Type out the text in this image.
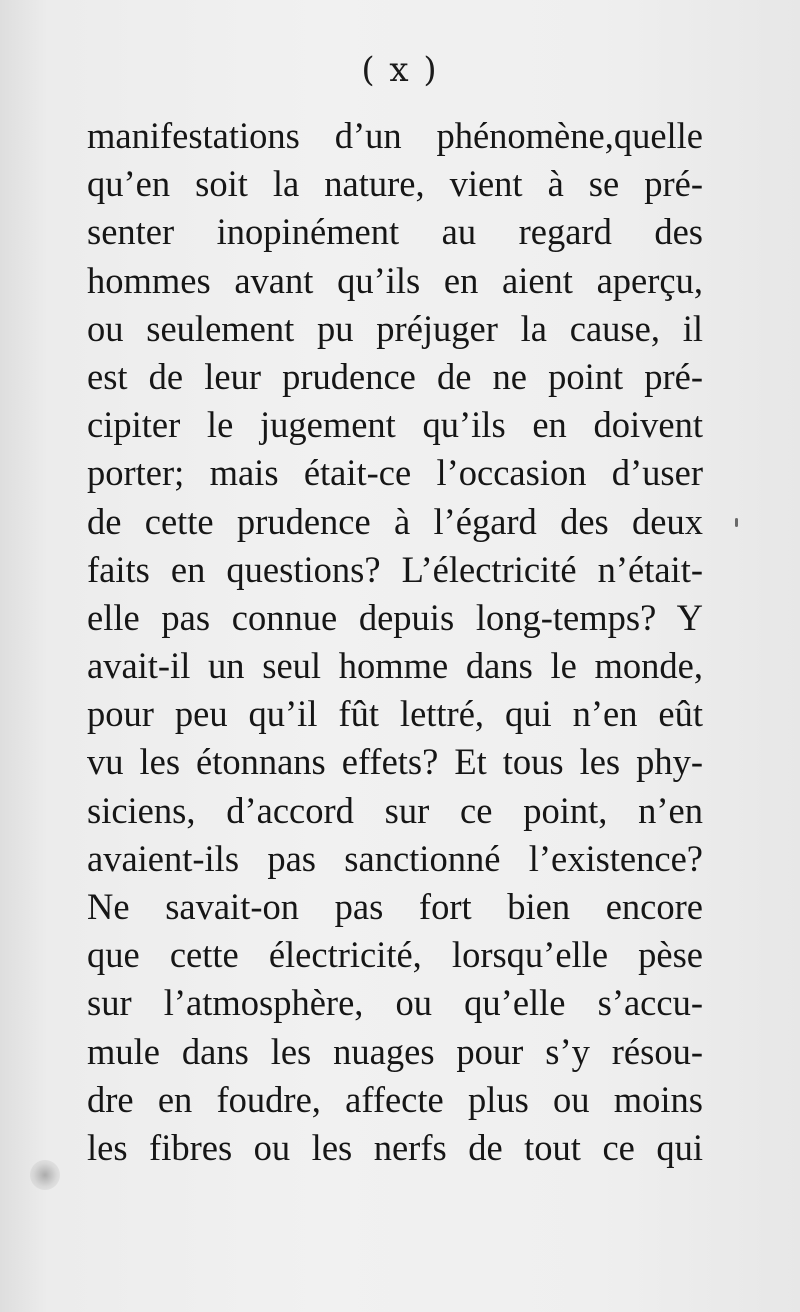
( x )
manifestations d’un phénomène,quelle
qu’en soit la nature, vient à se pré-
senter inopinément au regard des
hommes avant qu’ils en aient aperçu,
ou seulement pu préjuger la cause, il
est de leur prudence de ne point pré-
cipiter le jugement qu’ils en doivent
porter; mais était-ce l’occasion d’user
de cette prudence à l’égard des deux
faits en questions? L’électricité n’était-
elle pas connue depuis long-temps? Y
avait-il un seul homme dans le monde,
pour peu qu’il fût lettré, qui n’en eût
vu les étonnans effets? Et tous les phy-
siciens, d’accord sur ce point, n’en
avaient-ils pas sanctionné l’existence?
Ne savait-on pas fort bien encore
que cette électricité, lorsqu’elle pèse
sur l’atmosphère, ou qu’elle s’accu-
mule dans les nuages pour s’y résou-
dre en foudre, affecte plus ou moins
les fibres ou les nerfs de tout ce qui
